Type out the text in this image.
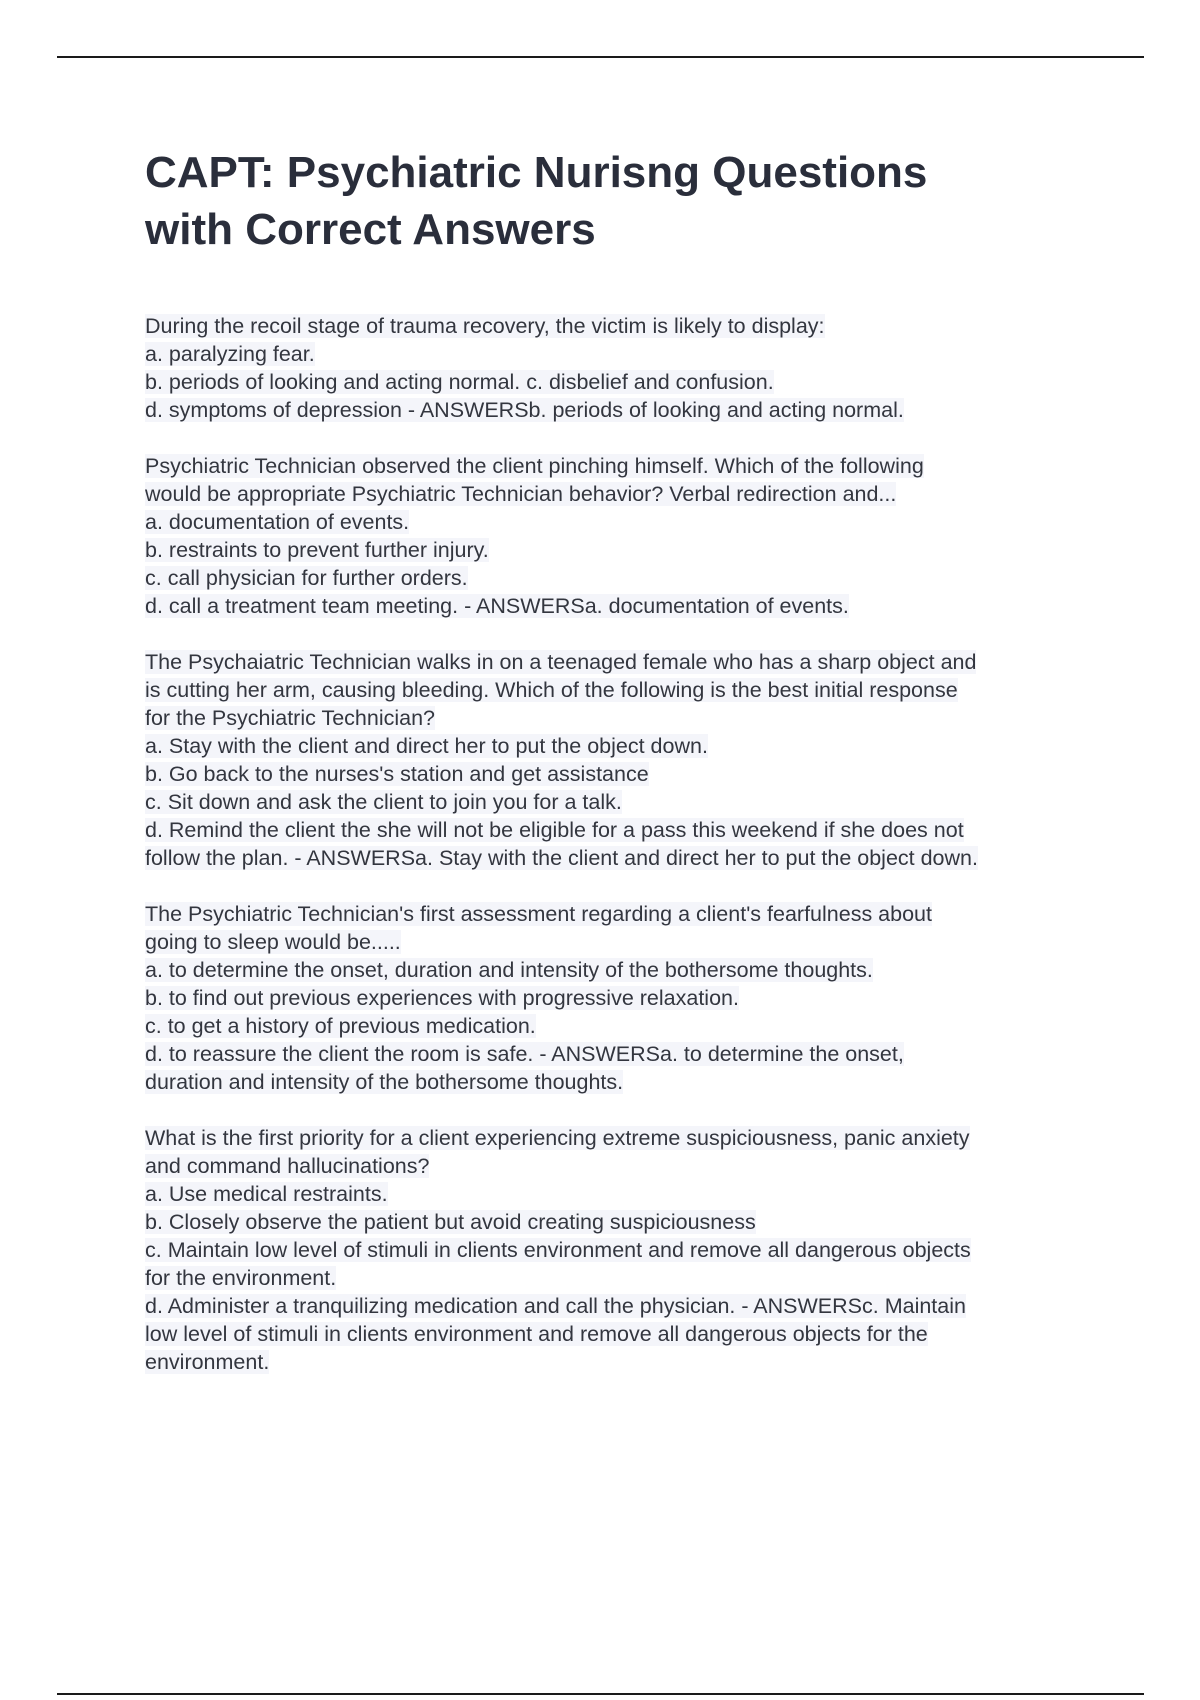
CAPT: Psychiatric Nurisng Questions
with Correct Answers
During the recoil stage of trauma recovery, the victim is likely to display:
a. paralyzing fear.
b. periods of looking and acting normal. c. disbelief and confusion.
d. symptoms of depression - ANSWERSb. periods of looking and acting normal.
Psychiatric Technician observed the client pinching himself. Which of the following
would be appropriate Psychiatric Technician behavior? Verbal redirection and...
a. documentation of events.
b. restraints to prevent further injury.
c. call physician for further orders.
d. call a treatment team meeting. - ANSWERSa. documentation of events.
The Psychaiatric Technician walks in on a teenaged female who has a sharp object and
is cutting her arm, causing bleeding. Which of the following is the best initial response
for the Psychiatric Technician?
a. Stay with the client and direct her to put the object down.
b. Go back to the nurses's station and get assistance
c. Sit down and ask the client to join you for a talk.
d. Remind the client the she will not be eligible for a pass this weekend if she does not
follow the plan. - ANSWERSa. Stay with the client and direct her to put the object down.
The Psychiatric Technician's first assessment regarding a client's fearfulness about
going to sleep would be.....
a. to determine the onset, duration and intensity of the bothersome thoughts.
b. to find out previous experiences with progressive relaxation.
c. to get a history of previous medication.
d. to reassure the client the room is safe. - ANSWERSa. to determine the onset,
duration and intensity of the bothersome thoughts.
What is the first priority for a client experiencing extreme suspiciousness, panic anxiety
and command hallucinations?
a. Use medical restraints.
b. Closely observe the patient but avoid creating suspiciousness
c. Maintain low level of stimuli in clients environment and remove all dangerous objects
for the environment.
d. Administer a tranquilizing medication and call the physician. - ANSWERSc. Maintain
low level of stimuli in clients environment and remove all dangerous objects for the
environment.
